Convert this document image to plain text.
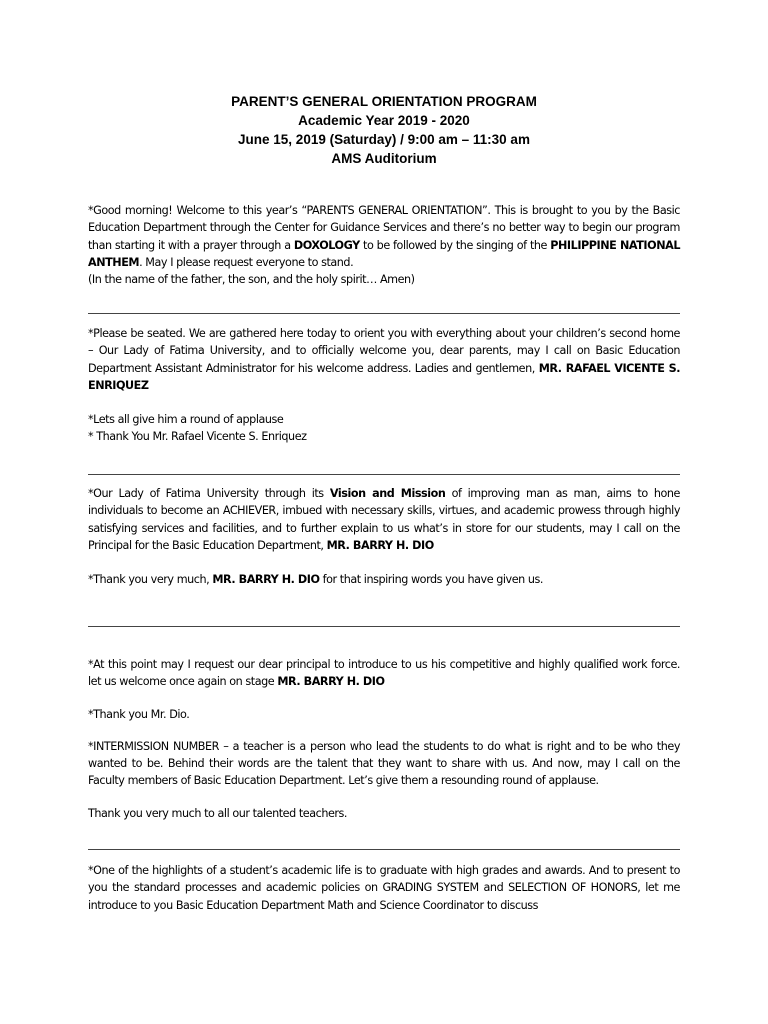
PARENT’S GENERAL ORIENTATION PROGRAM
Academic Year 2019 - 2020
June 15, 2019 (Saturday) / 9:00 am – 11:30 am
AMS Auditorium

*Good morning! Welcome to this year’s “PARENTS GENERAL ORIENTATION”. This is brought to you by the Basic Education Department through the Center for Guidance Services and there’s no better way to begin our program than starting it with a prayer through a DOXOLOGY to be followed by the singing of the PHILIPPINE NATIONAL ANTHEM. May I please request everyone to stand.

(In the name of the father, the son, and the holy spirit… Amen)

*Please be seated. We are gathered here today to orient you with everything about your children’s second home – Our Lady of Fatima University, and to officially welcome you, dear parents, may I call on Basic Education Department Assistant Administrator for his welcome address. Ladies and gentlemen, MR. RAFAEL VICENTE S. ENRIQUEZ

*Lets all give him a round of applause

* Thank You Mr. Rafael Vicente S. Enriquez

*Our Lady of Fatima University through its Vision and Mission of improving man as man, aims to hone individuals to become an ACHIEVER, imbued with necessary skills, virtues, and academic prowess through highly satisfying services and facilities, and to further explain to us what’s in store for our students, may I call on the Principal for the Basic Education Department, MR. BARRY H. DIO

*Thank you very much, MR. BARRY H. DIO for that inspiring words you have given us.

*At this point may I request our dear principal to introduce to us his competitive and highly qualified work force. let us welcome once again on stage MR. BARRY H. DIO

*Thank you Mr. Dio.

*INTERMISSION NUMBER – a teacher is a person who lead the students to do what is right and to be who they wanted to be. Behind their words are the talent that they want to share with us. And now, may I call on the Faculty members of Basic Education Department. Let’s give them a resounding round of applause.

Thank you very much to all our talented teachers.

*One of the highlights of a student’s academic life is to graduate with high grades and awards. And to present to you the standard processes and academic policies on GRADING SYSTEM and SELECTION OF HONORS, let me introduce to you Basic Education Department Math and Science Coordinator to discuss
